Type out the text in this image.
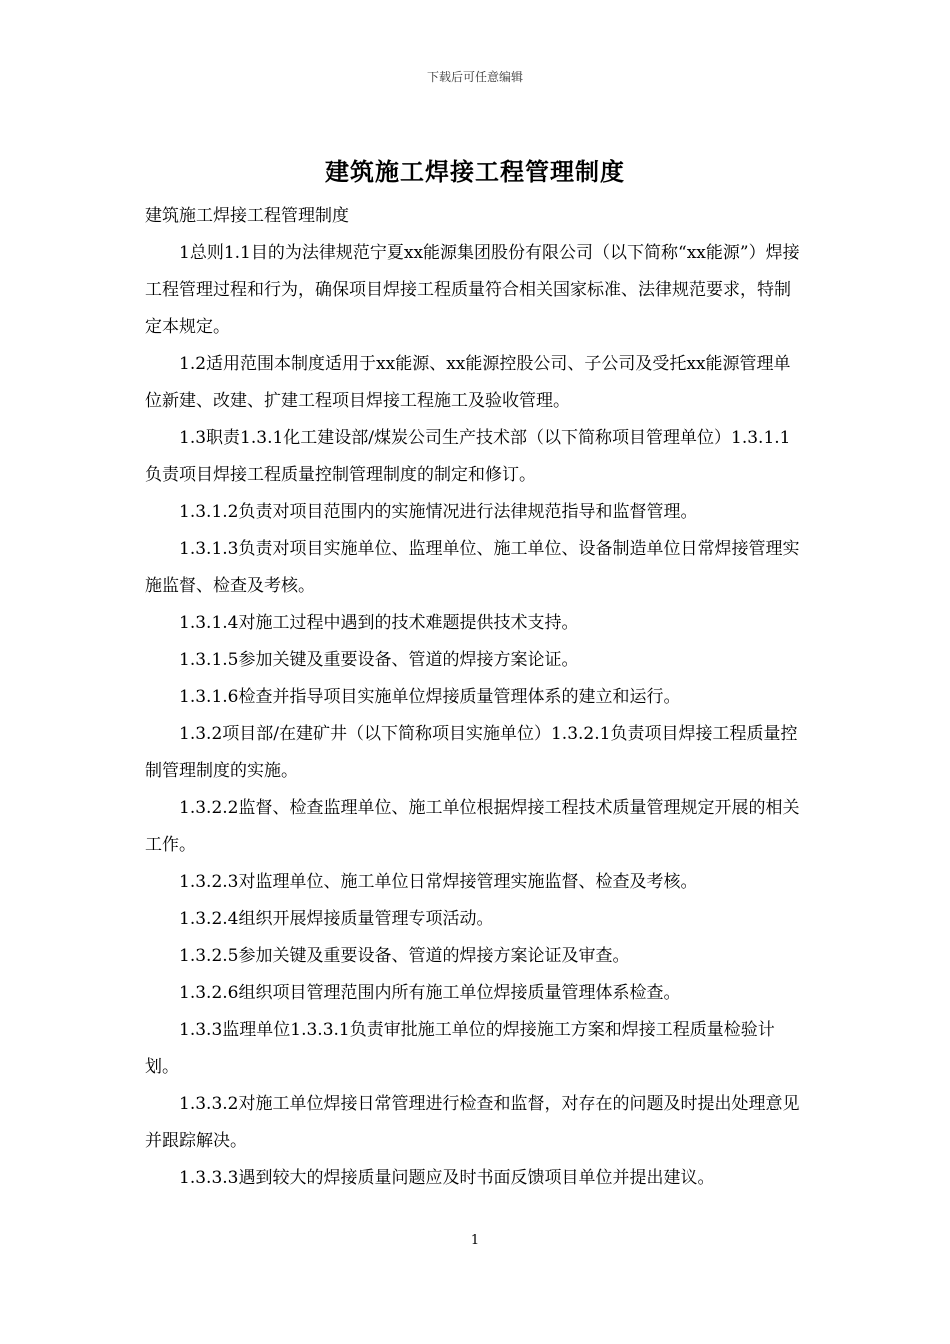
下载后可任意编辑
建筑施工焊接工程管理制度

建筑施工焊接工程管理制度

1总则1.1目的为法律规范宁夏xx能源集团股份有限公司（以下简称“xx能源”）焊接工程管理过程和行为，确保项目焊接工程质量符合相关国家标准、法律规范要求，特制定本规定。

1.2适用范围本制度适用于xx能源、xx能源控股公司、子公司及受托xx能源管理单位新建、改建、扩建工程项目焊接工程施工及验收管理。

1.3职责1.3.1化工建设部/煤炭公司生产技术部（以下简称项目管理单位）1.3.1.1负责项目焊接工程质量控制管理制度的制定和修订。

1.3.1.2负责对项目范围内的实施情况进行法律规范指导和监督管理。

1.3.1.3负责对项目实施单位、监理单位、施工单位、设备制造单位日常焊接管理实施监督、检查及考核。

1.3.1.4对施工过程中遇到的技术难题提供技术支持。

1.3.1.5参加关键及重要设备、管道的焊接方案论证。

1.3.1.6检查并指导项目实施单位焊接质量管理体系的建立和运行。

1.3.2项目部/在建矿井（以下简称项目实施单位）1.3.2.1负责项目焊接工程质量控制管理制度的实施。

1.3.2.2监督、检查监理单位、施工单位根据焊接工程技术质量管理规定开展的相关工作。

1.3.2.3对监理单位、施工单位日常焊接管理实施监督、检查及考核。

1.3.2.4组织开展焊接质量管理专项活动。

1.3.2.5参加关键及重要设备、管道的焊接方案论证及审查。

1.3.2.6组织项目管理范围内所有施工单位焊接质量管理体系检查。

1.3.3监理单位1.3.3.1负责审批施工单位的焊接施工方案和焊接工程质量检验计划。

1.3.3.2对施工单位焊接日常管理进行检查和监督，对存在的问题及时提出处理意见并跟踪解决。

1.3.3.3遇到较大的焊接质量问题应及时书面反馈项目单位并提出建议。

1
